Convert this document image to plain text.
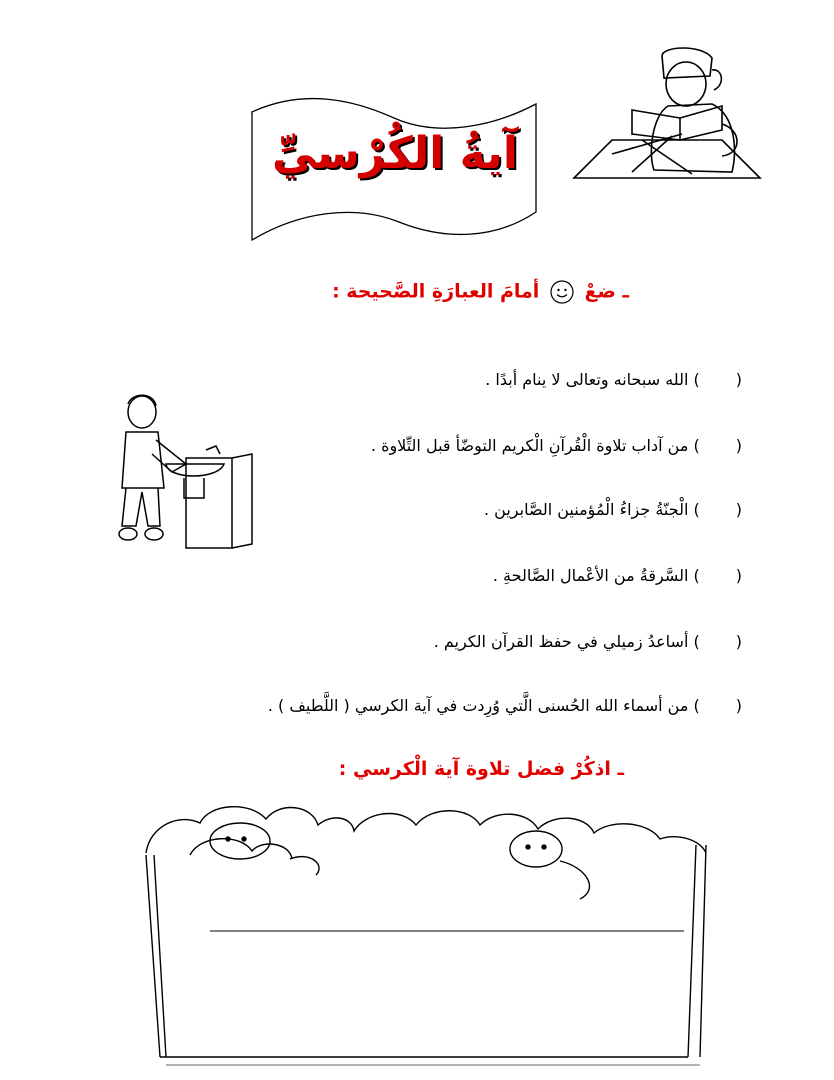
آيةُ الكُرْسيِّ
ـ ضعْ  أمامَ العبارَةِ الصَّحيحة :
() الله سبحانه وتعالى لا ينام أبدًا .
() من آداب تلاوة الْقُرآنِ الْكريم التوضّأ قبل التِّلاوة .
() الْجنّةُ جزاءُ الْمُؤمنين الصَّابرين .
() السَّرقةُ من الأعْمال الصَّالحةِ .
() أساعدُ زميلي في حفظ القرآن الكريم .
() من أسماء الله الحُسنى الَّتي وُرِدت في آية الكرسي ( اللَّطيف ) .
ـ اذكُرْ فضل تلاوة آية الْكرسي :
